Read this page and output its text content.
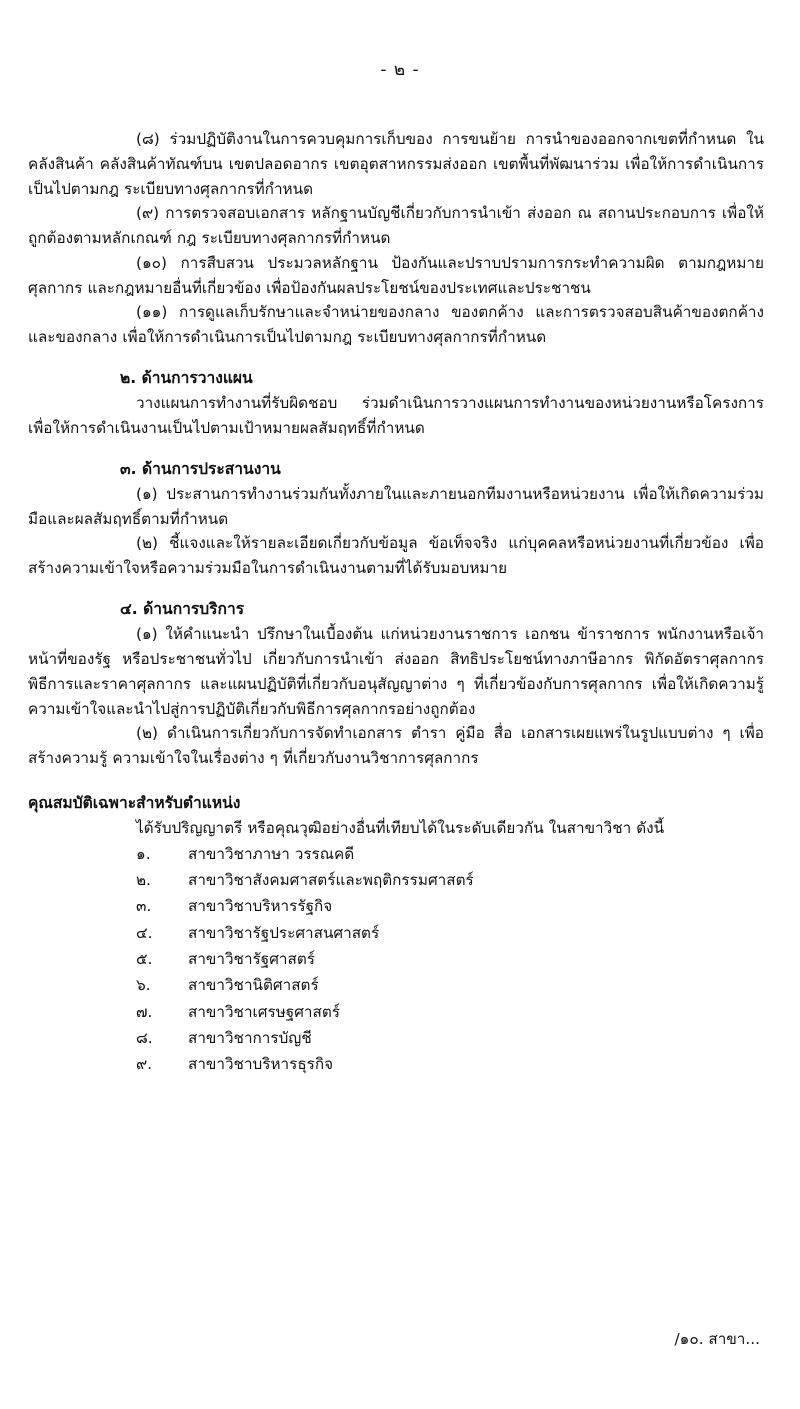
- ๒ -

(๘) ร่วมปฏิบัติงานในการควบคุมการเก็บของ การขนย้าย การนำของออกจากเขตที่กำหนด ในคลังสินค้า คลังสินค้าทัณฑ์บน เขตปลอดอากร เขตอุตสาหกรรมส่งออก เขตพื้นที่พัฒนาร่วม เพื่อให้การดำเนินการเป็นไปตามกฎ ระเบียบทางศุลกากรที่กำหนด

(๙) การตรวจสอบเอกสาร หลักฐานบัญชีเกี่ยวกับการนำเข้า ส่งออก ณ สถานประกอบการ เพื่อให้ถูกต้องตามหลักเกณฑ์ กฎ ระเบียบทางศุลกากรที่กำหนด

(๑๐) การสืบสวน ประมวลหลักฐาน ป้องกันและปราบปรามการกระทำความผิด ตามกฎหมายศุลกากร และกฎหมายอื่นที่เกี่ยวข้อง เพื่อป้องกันผลประโยชน์ของประเทศและประชาชน

(๑๑) การดูแลเก็บรักษาและจำหน่ายของกลาง ของตกค้าง และการตรวจสอบสินค้าของตกค้างและของกลาง เพื่อให้การดำเนินการเป็นไปตามกฎ ระเบียบทางศุลกากรที่กำหนด

๒. ด้านการวางแผน

วางแผนการทำงานที่รับผิดชอบ ร่วมดำเนินการวางแผนการทำงานของหน่วยงานหรือโครงการ เพื่อให้การดำเนินงานเป็นไปตามเป้าหมายผลสัมฤทธิ์ที่กำหนด

๓. ด้านการประสานงาน

(๑) ประสานการทำงานร่วมกันทั้งภายในและภายนอกทีมงานหรือหน่วยงาน เพื่อให้เกิดความร่วมมือและผลสัมฤทธิ์ตามที่กำหนด

(๒) ชี้แจงและให้รายละเอียดเกี่ยวกับข้อมูล ข้อเท็จจริง แก่บุคคลหรือหน่วยงานที่เกี่ยวข้อง เพื่อสร้างความเข้าใจหรือความร่วมมือในการดำเนินงานตามที่ได้รับมอบหมาย

๔. ด้านการบริการ

(๑) ให้คำแนะนำ ปรึกษาในเบื้องต้น แก่หน่วยงานราชการ เอกชน ข้าราชการ พนักงานหรือเจ้าหน้าที่ของรัฐ หรือประชาชนทั่วไป เกี่ยวกับการนำเข้า ส่งออก สิทธิประโยชน์ทางภาษีอากร พิกัดอัตราศุลกากร พิธีการและราคาศุลกากร และแผนปฏิบัติที่เกี่ยวกับอนุสัญญาต่าง ๆ ที่เกี่ยวข้องกับการศุลกากร เพื่อให้เกิดความรู้ความเข้าใจและนำไปสู่การปฏิบัติเกี่ยวกับพิธีการศุลกากรอย่างถูกต้อง

(๒) ดำเนินการเกี่ยวกับการจัดทำเอกสาร ตำรา คู่มือ สื่อ เอกสารเผยแพร่ในรูปแบบต่าง ๆ เพื่อสร้างความรู้ ความเข้าใจในเรื่องต่าง ๆ ที่เกี่ยวกับงานวิชาการศุลกากร

คุณสมบัติเฉพาะสำหรับตำแหน่ง

ได้รับปริญญาตรี หรือคุณวุฒิอย่างอื่นที่เทียบได้ในระดับเดียวกัน ในสาขาวิชา ดังนี้

๑.	สาขาวิชาภาษา วรรณคดี
๒.	สาขาวิชาสังคมศาสตร์และพฤติกรรมศาสตร์
๓.	สาขาวิชาบริหารรัฐกิจ
๔.	สาขาวิชารัฐประศาสนศาสตร์
๕.	สาขาวิชารัฐศาสตร์
๖.	สาขาวิชานิติศาสตร์
๗.	สาขาวิชาเศรษฐศาสตร์
๘.	สาขาวิชาการบัญชี
๙.	สาขาวิชาบริหารธุรกิจ
/๑๐. สาขา...
